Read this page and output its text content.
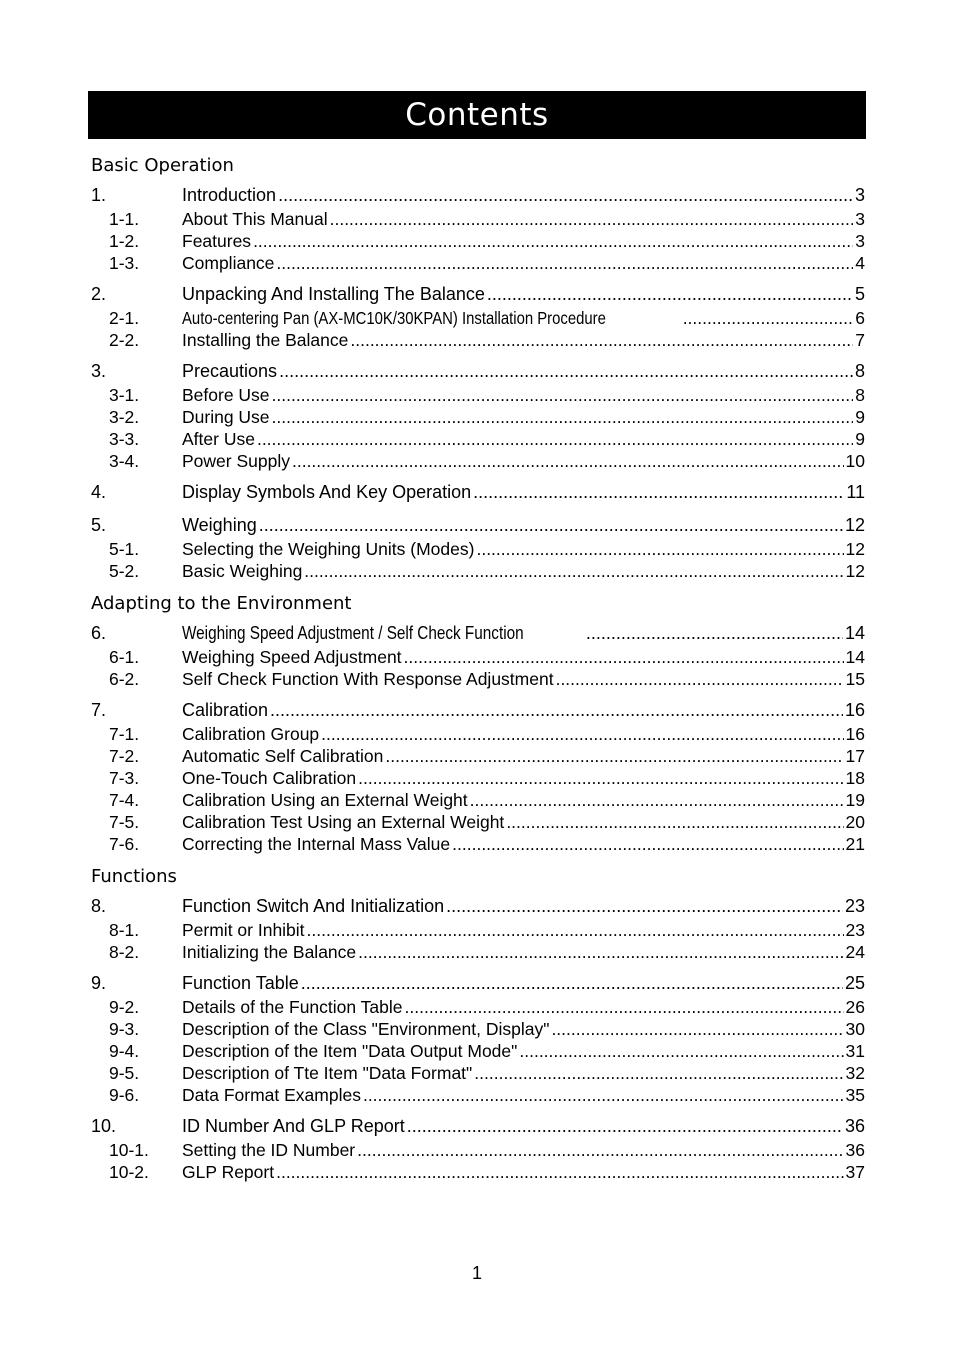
Contents
Basic Operation
1.	Introduction .....	3
1-1.	About This Manual .....	3
1-2.	Features .....	3
1-3.	Compliance .....	4
2.	Unpacking And Installing The Balance .....	5
2-1.	Auto-centering Pan (AX-MC10K/30KPAN) Installation Procedure .....	6
2-2.	Installing the Balance .....	7
3.	Precautions .....	8
3-1.	Before Use .....	8
3-2.	During Use .....	9
3-3.	After Use .....	9
3-4.	Power Supply .....	10
4.	Display Symbols And Key Operation .....	11
5.	Weighing .....	12
5-1.	Selecting the Weighing Units (Modes) .....	12
5-2.	Basic Weighing .....	12
Adapting to the Environment
6.	Weighing Speed Adjustment / Self Check Function .....	14
6-1.	Weighing Speed Adjustment .....	14
6-2.	Self Check Function With Response Adjustment .....	15
7.	Calibration .....	16
7-1.	Calibration Group .....	16
7-2.	Automatic Self Calibration .....	17
7-3.	One-Touch Calibration .....	18
7-4.	Calibration Using an External Weight .....	19
7-5.	Calibration Test Using an External Weight .....	20
7-6.	Correcting the Internal Mass Value .....	21
Functions
8.	Function Switch And Initialization .....	23
8-1.	Permit or Inhibit .....	23
8-2.	Initializing the Balance .....	24
9.	Function Table .....	25
9-2.	Details of the Function Table .....	26
9-3.	Description of the Class "Environment, Display" .....	30
9-4.	Description of the Item "Data Output Mode" .....	31
9-5.	Description of Tte Item "Data Format" .....	32
9-6.	Data Format Examples .....	35
10.	ID Number And GLP Report .....	36
10-1.	Setting the ID Number .....	36
10-2.	GLP Report .....	37
1
